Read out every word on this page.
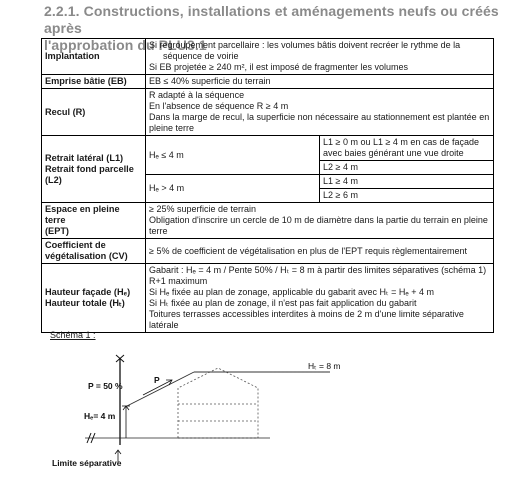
2.2.1. Constructions, installations et aménagements neufs ou créés après
l'approbation du PLU3.1
Implantation	Si regroupement parcellaire : les volumes bâtis doivent recréer le rythme de la
séquence de voirie
Si EB projetée ≥ 240 m², il est imposé de fragmenter les volumes	

Emprise bâtie (EB)	EB ≤ 40% superficie du terrain	
Recul (R)	R adapté à la séquence
En l'absence de séquence R ≥ 4 m
Dans la marge de recul, la superficie non nécessaire au stationnement est plantée en
pleine terre	

Retrait latéral (L1)
Retrait fond parcelle
(L2)	Hₑ ≤ 4 m	L1 ≥ 0 m ou L1 ≥ 4 m en cas de façade avec baies générant une vue droite
		L2 ≥ 4 m
	Hₑ > 4 m	L1 ≥ 4 m
		L2 ≥ 6 m

Espace en pleine terre
(EPT)	≥ 25% superficie de terrain
Obligation d'inscrire un cercle de 10 m de diamètre dans la partie du terrain en pleine
terre	

Coefficient de
végétalisation (CV)	≥ 5% de coefficient de végétalisation en plus de l'EPT requis règlementairement	

Hauteur façade (Hₑ)
Hauteur totale (Hₜ)	Gabarit : Hₑ = 4 m / Pente 50% / Hₜ = 8 m à partir des limites séparatives (schéma 1)
R+1 maximum
Si Hₑ fixée au plan de zonage, applicable du gabarit avec Hₜ = Hₑ + 4 m
Si Hₜ fixée au plan de zonage, il n'est pas fait application du gabarit
Toitures terrasses accessibles interdites à moins de 2 m d'une limite séparative latérale	
Schéma 1 :
Hₜ = 8 m
P = 50 %
P
Hₑ= 4 m
Limite séparative
